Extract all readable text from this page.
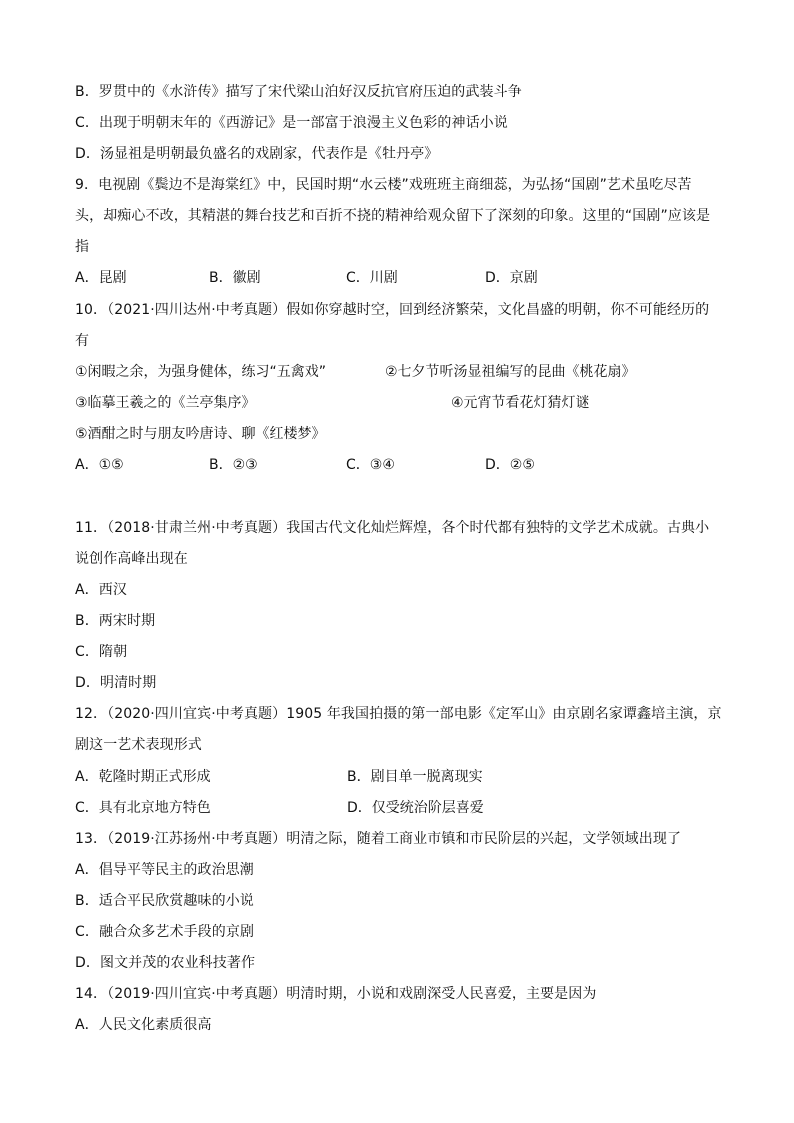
B．罗贯中的《水浒传》描写了宋代梁山泊好汉反抗官府压迫的武装斗争
C．出现于明朝末年的《西游记》是一部富于浪漫主义色彩的神话小说
D．汤显祖是明朝最负盛名的戏剧家，代表作是《牡丹亭》
9．电视剧《鬓边不是海棠红》中，民国时期“水云楼”戏班班主商细蕊，为弘扬“国剧”艺术虽吃尽苦
头，却痴心不改，其精湛的舞台技艺和百折不挠的精神给观众留下了深刻的印象。这里的“国剧”应该是
指
A．昆剧	B．徽剧	C．川剧	D．京剧
10．（2021·四川达州·中考真题）假如你穿越时空，回到经济繁荣，文化昌盛的明朝，你不可能经历的
有
①闲暇之余，为强身健体，练习“五禽戏”	②七夕节听汤显祖编写的昆曲《桃花扇》
③临摹王羲之的《兰亭集序》	④元宵节看花灯猜灯谜
⑤酒酣之时与朋友吟唐诗、聊《红楼梦》
A．①⑤	B．②③	C．③④	D．②⑤
11．（2018·甘肃兰州·中考真题）我国古代文化灿烂辉煌，各个时代都有独特的文学艺术成就。古典小
说创作高峰出现在
A．西汉
B．两宋时期
C．隋朝
D．明清时期
12．（2020·四川宜宾·中考真题）1905 年我国拍摄的第一部电影《定军山》由京剧名家谭鑫培主演，京
剧这一艺术表现形式
A．乾隆时期正式形成	B．剧目单一脱离现实
C．具有北京地方特色	D．仅受统治阶层喜爱
13．（2019·江苏扬州·中考真题）明清之际，随着工商业市镇和市民阶层的兴起，文学领域出现了
A．倡导平等民主的政治思潮
B．适合平民欣赏趣味的小说
C．融合众多艺术手段的京剧
D．图文并茂的农业科技著作
14．（2019·四川宜宾·中考真题）明清时期，小说和戏剧深受人民喜爱，主要是因为
A．人民文化素质很高
